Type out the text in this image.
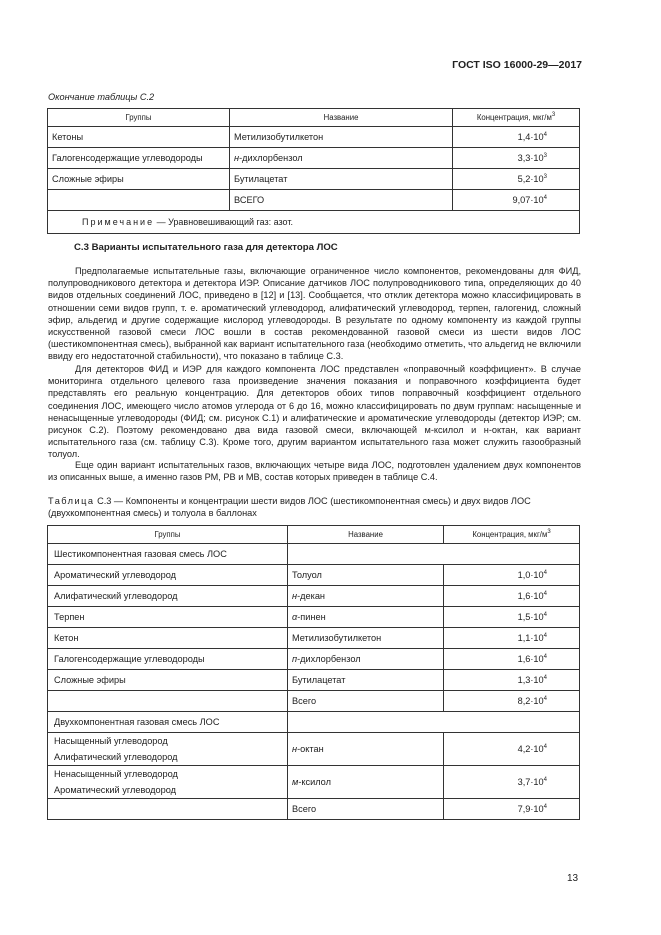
ГОСТ ISO 16000-29—2017
Окончание таблицы С.2
Группы	Название	Концентрация, мкг/$м^3$
Кетоны	Метилизобутилкетон	$1,4\cdot 10^4$
Галогенсодержащие углеводороды	н-дихлорбензол	$3,3\cdot 10^3$
Сложные эфиры	Бутилацетат	$5,2\cdot 10^3$
	ВСЕГО	$9,07\cdot 10^4$
Примечание — Уравновешивающий газ: азот.		
С.3 Варианты испытательного газа для детектора ЛОС

Предполагаемые испытательные газы, включающие ограниченное число компонентов, рекомендованы для ФИД, полупроводникового детектора и детектора ИЭР. Описание датчиков ЛОС полупроводникового типа, определяющих до 40 видов отдельных соединений ЛОС, приведено в [12] и [13]. Сообщается, что отклик детектора можно классифицировать в отношении семи видов групп, т. е. ароматический углеводород, алифатический углеводород, терпен, галогенид, сложный эфир, альдегид и другие содержащие кислород углеводороды. В результате по одному компоненту из каждой группы искусственной газовой смеси ЛОС вошли в состав рекомендованной газовой смеси из шести видов ЛОС (шестикомпонентная смесь), выбранной как вариант испытательного газа (необходимо отметить, что альдегид не включили ввиду его недостаточной стабильности), что показано в таблице С.3.

Для детекторов ФИД и ИЭР для каждого компонента ЛОС представлен «поправочный коэффициент». В случае мониторинга отдельного целевого газа произведение значения показания и поправочного коэффициента будет представлять его реальную концентрацию. Для детекторов обоих типов поправочный коэффициент отдельного соединения ЛОС, имеющего число атомов углерода от 6 до 16, можно классифицировать по двум группам: насыщенные и ненасыщенные углеводороды (ФИД; см. рисунок С.1) и алифатические и ароматические углеводороды (детектор ИЭР; см. рисунок С.2). Поэтому рекомендовано два вида газовой смеси, включающей м-ксилол и н-октан, как вариант испытательного газа (см. таблицу С.3). Кроме того, другим вариантом испытательного газа может служить газообразный толуол.

Еще один вариант испытательных газов, включающих четыре вида ЛОС, подготовлен удалением двух компонентов из описанных выше, а именно газов РМ, РВ и МВ, состав которых приведен в таблице С.4.

Таблица С.3 — Компоненты и концентрации шести видов ЛОС (шестикомпонентная смесь) и двух видов ЛОС (двухкомпонентная смесь) и толуола в баллонах
Группы	Название	Концентрация, мкг/$м^3$
Шестикомпонентная газовая смесь ЛОС		
Ароматический углеводород	Толуол	$1,0\cdot 10^4$
Алифатический углеводород	н-декан	$1,6\cdot 10^4$
Терпен	α-пинен	$1,5\cdot 10^4$
Кетон	Метилизобутилкетон	$1,1\cdot 10^4$
Галогенсодержащие углеводороды	п-дихлорбензол	$1,6\cdot 10^4$
Сложные эфиры	Бутилацетат	$1,3\cdot 10^4$
	Всего	$8,2\cdot 10^4$
Двухкомпонентная газовая смесь ЛОС		
Насыщенный углеводород
Алифатический углеводород	н-октан	$4,2\cdot 10^4$
Ненасыщенный углеводород
Ароматический углеводород	м-ксилол	$3,7\cdot 10^4$
	Всего	$7,9\cdot 10^4$
13
